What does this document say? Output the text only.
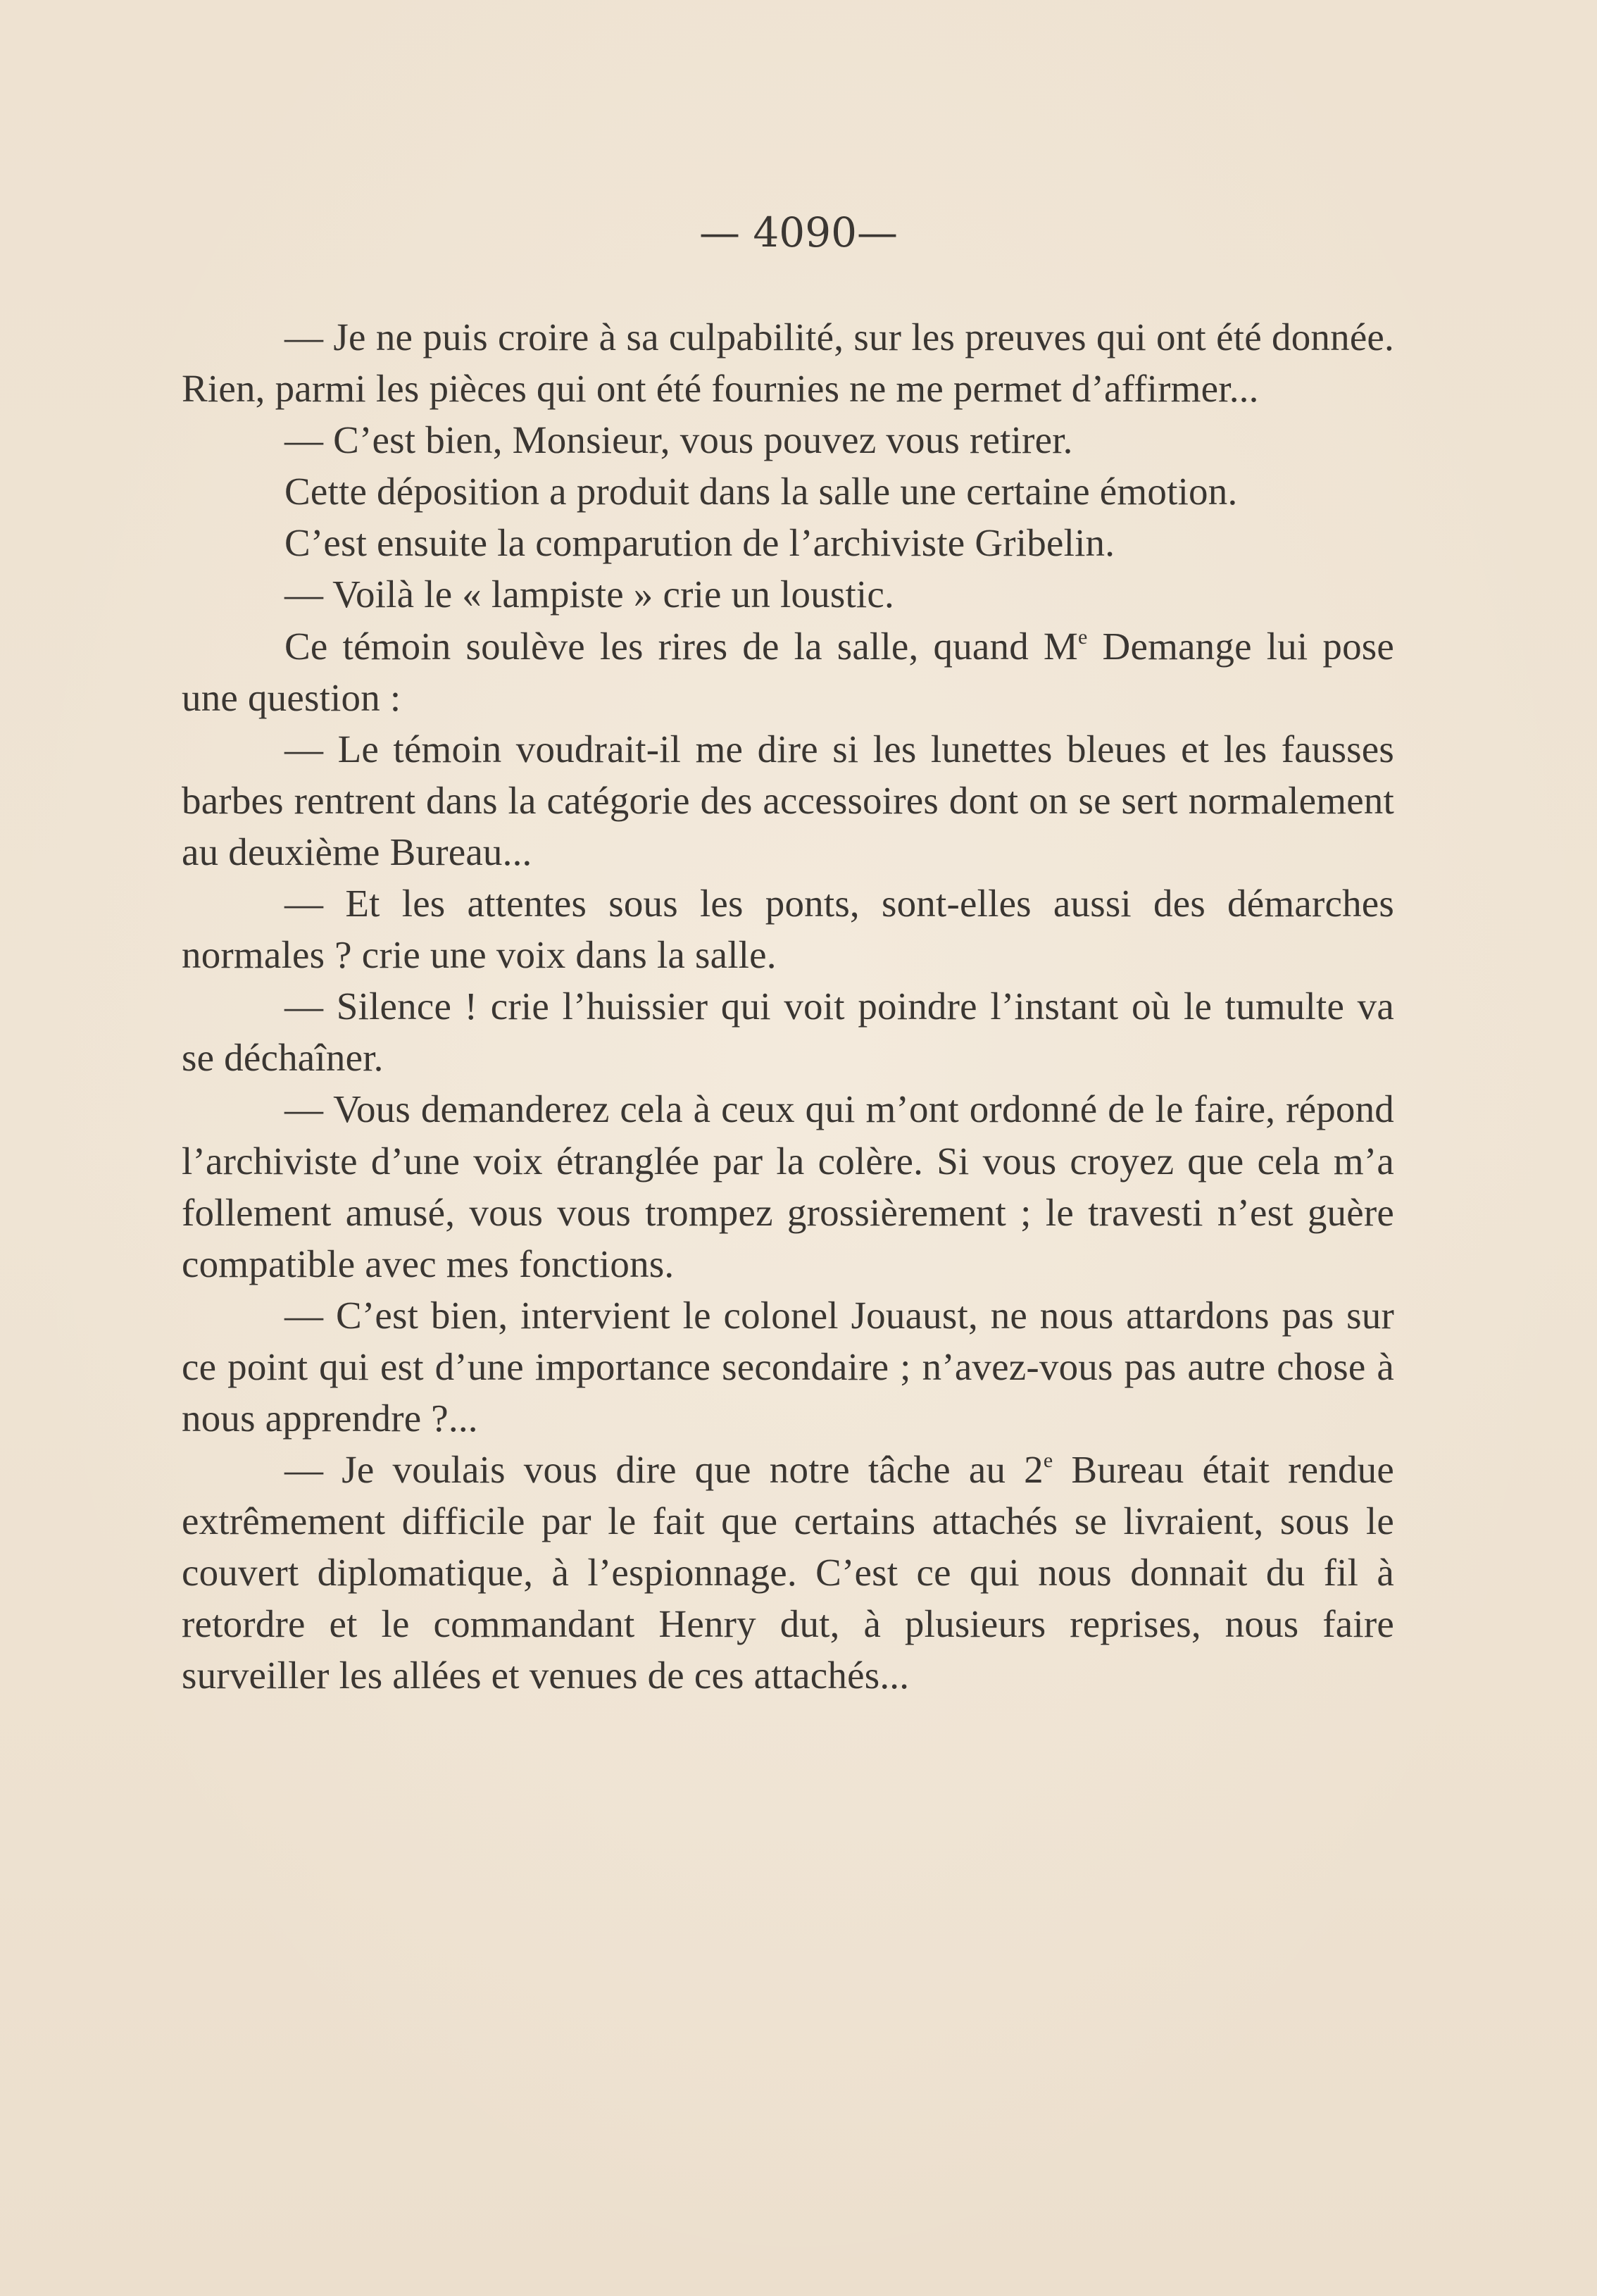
— 4090—

— Je ne puis croire à sa culpabilité, sur les preuves qui ont été donnée. Rien, parmi les pièces qui ont été fournies ne me permet d’affirmer...

— C’est bien, Monsieur, vous pouvez vous retirer.

Cette déposition a produit dans la salle une certaine émotion.

C’est ensuite la comparution de l’archiviste Gribelin.

— Voilà le « lampiste » crie un loustic.

Ce témoin soulève les rires de la salle, quand Me Demange lui pose une question :

— Le témoin voudrait-il me dire si les lunettes bleues et les fausses barbes rentrent dans la catégorie des accessoires dont on se sert normalement au deuxième Bureau...

— Et les attentes sous les ponts, sont-elles aussi des démarches normales ? crie une voix dans la salle.

— Silence ! crie l’huissier qui voit poindre l’instant où le tumulte va se déchaîner.

— Vous demanderez cela à ceux qui m’ont ordonné de le faire, répond l’archiviste d’une voix étranglée par la colère. Si vous croyez que cela m’a follement amusé, vous vous trompez grossièrement ; le travesti n’est guère compatible avec mes fonctions.

— C’est bien, intervient le colonel Jouaust, ne nous attardons pas sur ce point qui est d’une importance secondaire ; n’avez-vous pas autre chose à nous apprendre ?...

— Je voulais vous dire que notre tâche au 2e Bureau était rendue extrêmement difficile par le fait que certains attachés se livraient, sous le couvert diplomatique, à l’espionnage. C’est ce qui nous donnait du fil à retordre et le commandant Henry dut, à plusieurs reprises, nous faire surveiller les allées et venues de ces attachés...
